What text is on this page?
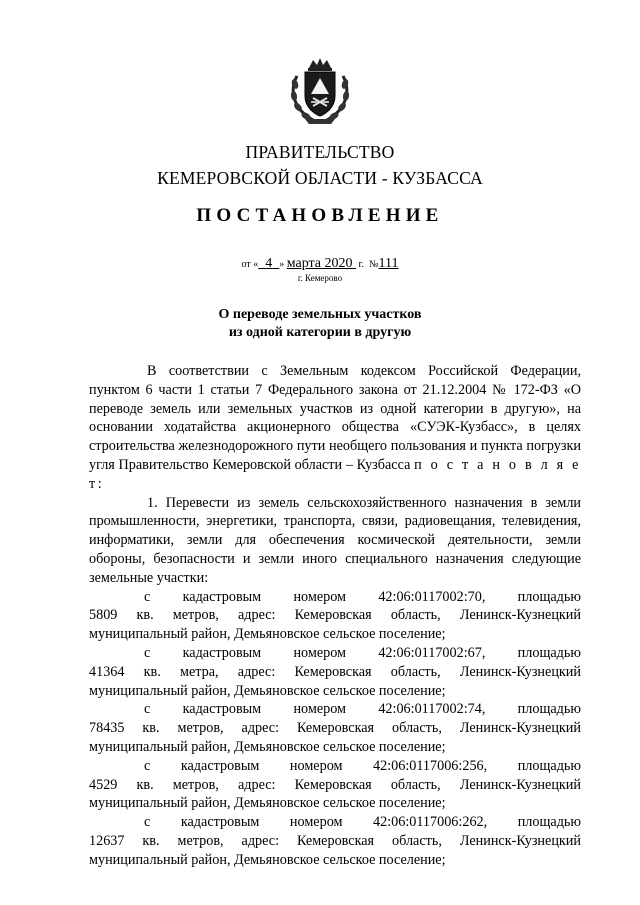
ПРАВИТЕЛЬСТВО
КЕМЕРОВСКОЙ ОБЛАСТИ - КУЗБАССА
ПОСТАНОВЛЕНИЕ
от « 4 » марта 2020 г. №111
г. Кемерово
О переводе земельных участков
из одной категории в другую

В соответствии с Земельным кодексом Российской Федерации, пунктом 6 части 1 статьи 7 Федерального закона от 21.12.2004 № 172-ФЗ «О переводе земель или земельных участков из одной категории в другую», на основании ходатайства акционерного общества «СУЭК-Кузбасс», в целях строительства железнодорожного пути необщего пользования и пункта погрузки угля Правительство Кемеровской области – Кузбасса п о с т а н о в л я е т:

1. Перевести из земель сельскохозяйственного назначения в земли промышленности, энергетики, транспорта, связи, радиовещания, телевидения, информатики, земли для обеспечения космической деятельности, земли обороны, безопасности и земли иного специального назначения следующие земельные участки:

с кадастровым номером 42:06:0117002:70, площадью

5809 кв. метров, адрес: Кемеровская область, Ленинск-Кузнецкий муниципальный район, Демьяновское сельское поселение;

с кадастровым номером 42:06:0117002:67, площадью

41364 кв. метра, адрес: Кемеровская область, Ленинск-Кузнецкий муниципальный район, Демьяновское сельское поселение;

с кадастровым номером 42:06:0117002:74, площадью

78435 кв. метров, адрес: Кемеровская область, Ленинск-Кузнецкий муниципальный район, Демьяновское сельское поселение;

с кадастровым номером 42:06:0117006:256, площадью

4529 кв. метров, адрес: Кемеровская область, Ленинск-Кузнецкий муниципальный район, Демьяновское сельское поселение;

с кадастровым номером 42:06:0117006:262, площадью

12637 кв. метров, адрес: Кемеровская область, Ленинск-Кузнецкий муниципальный район, Демьяновское сельское поселение;
